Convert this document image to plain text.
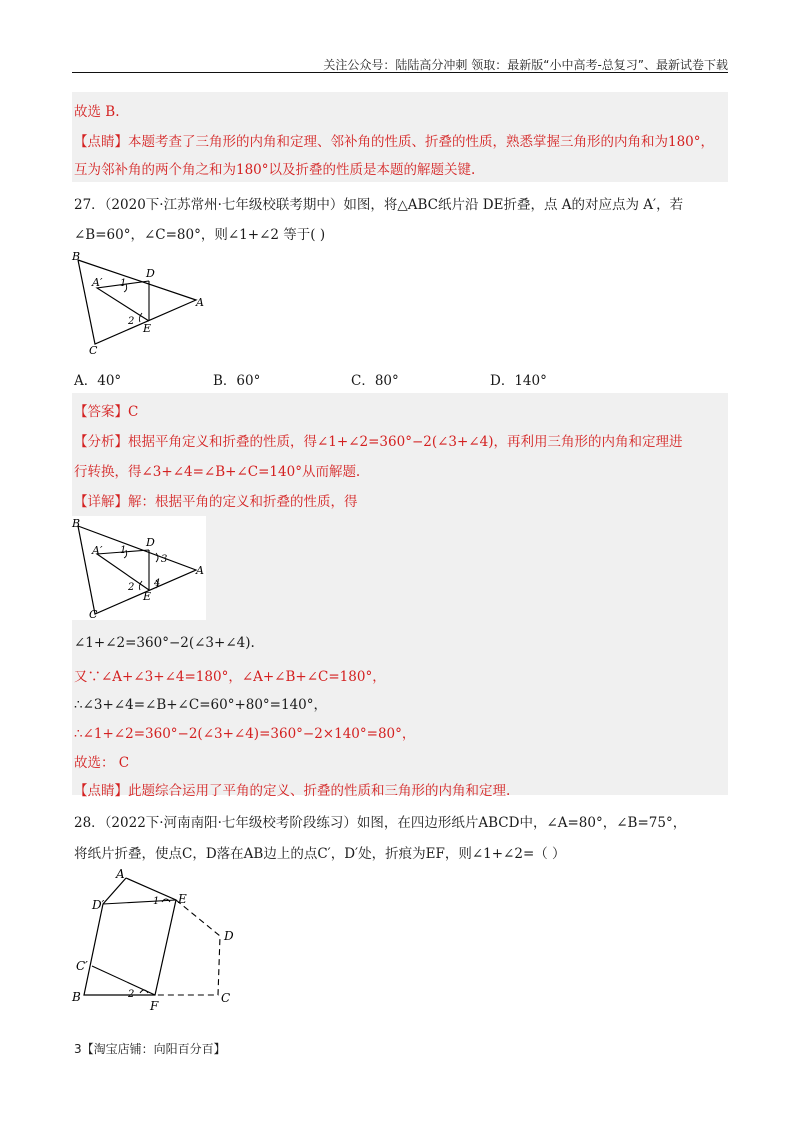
关注公众号：陆陆高分冲刺 领取：最新版“小中高考-总复习”、最新试卷下载
故选 B.
【点睛】本题考查了三角形的内角和定理、邻补角的性质、折叠的性质，熟悉掌握三角形的内角和为180°，
互为邻补角的两个角之和为180°以及折叠的性质是本题的解题关键.
27．（2020下·江苏常州·七年级校联考期中）如图，将△ABC纸片沿 DE折叠，点 A的对应点为 A′，若
∠B=60°，∠C=80°，则∠1+∠2 等于( )
B
D
A′ 1
A
2
E
C
A．40°	B．60°	C．80°	D．140°
【答案】C
【分析】根据平角定义和折叠的性质，得∠1+∠2=360°−2(∠3+∠4)，再利用三角形的内角和定理进
行转换，得∠3+∠4=∠B+∠C=140°从而解题.
【详解】解：根据平角的定义和折叠的性质，得
B
D
A′ 1
3
A
2 4
E
C
∠1+∠2=360°−2(∠3+∠4).
又∵∠A+∠3+∠4=180°，∠A+∠B+∠C=180°，
∴∠3+∠4=∠B+∠C=60°+80°=140°，
∴∠1+∠2=360°−2(∠3+∠4)=360°−2×140°=80°，
故选： C
【点睛】此题综合运用了平角的定义、折叠的性质和三角形的内角和定理.
28．（2022下·河南南阳·七年级校考阶段练习）如图，在四边形纸片ABCD中，∠A=80°，∠B=75°，
将纸片折叠，使点C，D落在AB边上的点C′，D′处，折痕为EF，则∠1+∠2=（ ）
A
E
D′	1
D
C′
B	2
F
C
3【淘宝店铺：向阳百分百】
